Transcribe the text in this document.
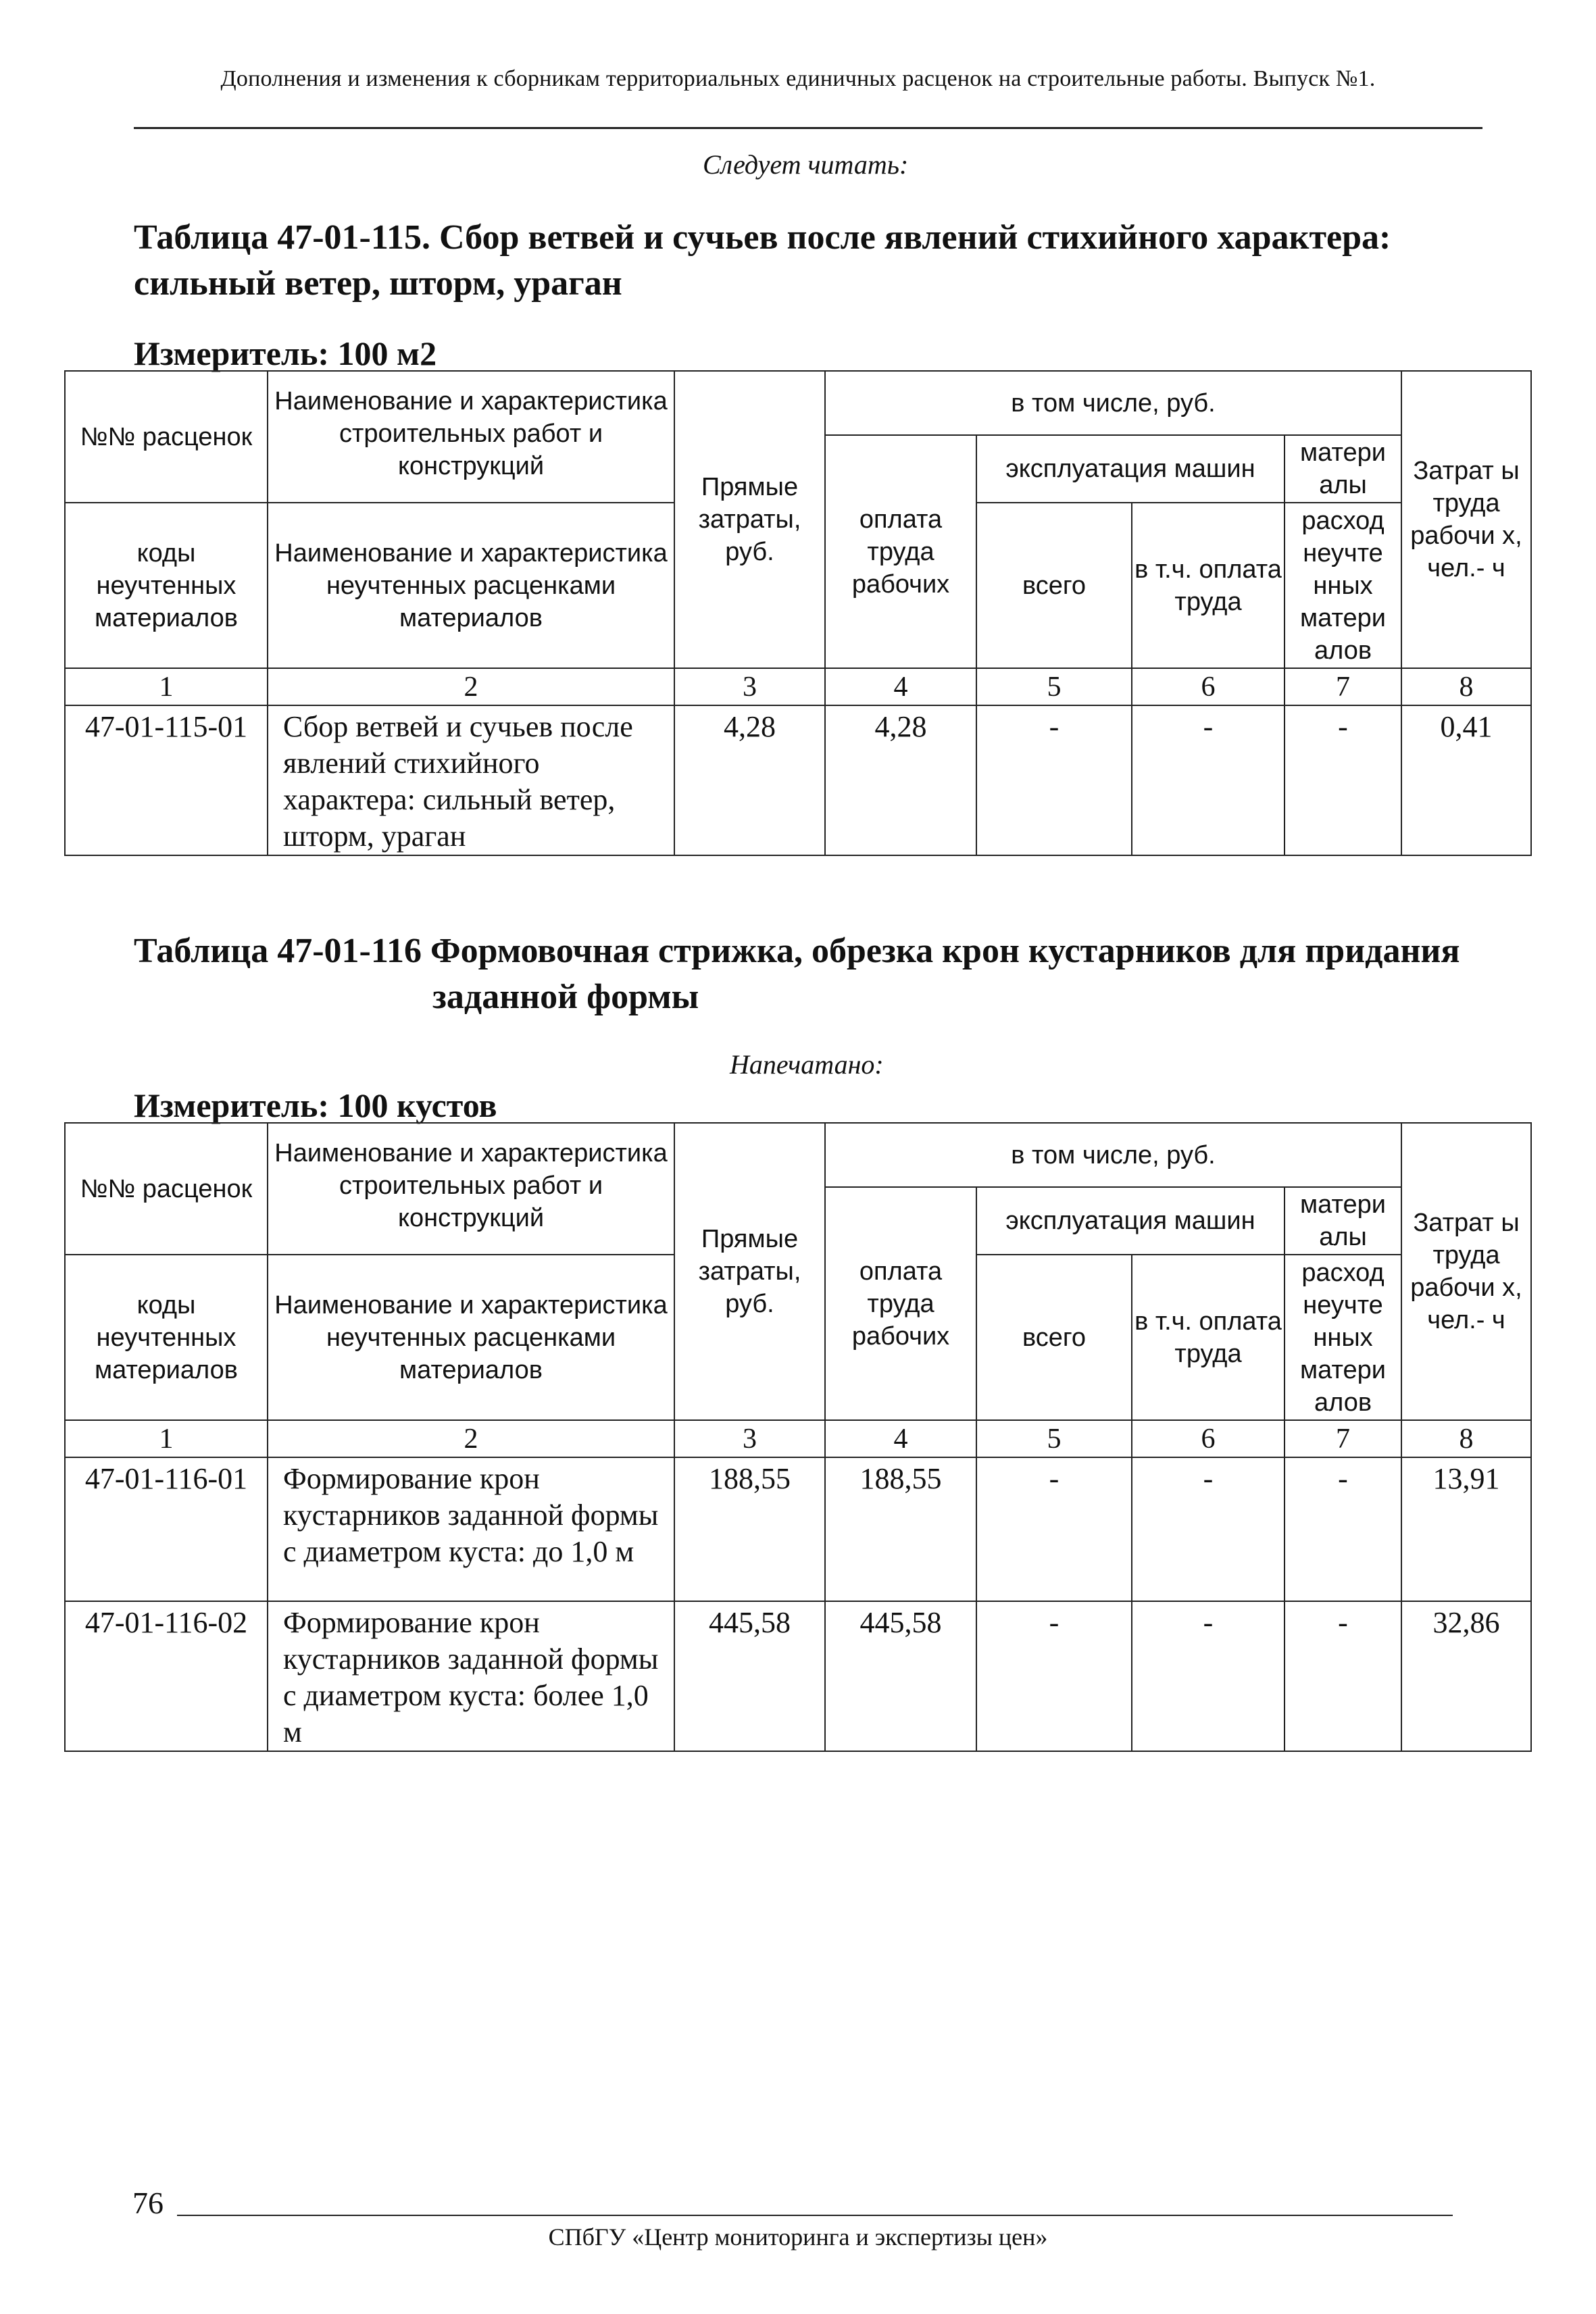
Дополнения и изменения к сборникам территориальных единичных расценок на строительные работы. Выпуск №1.
Следует читать:
Таблица 47-01-115. Сбор ветвей и сучьев после явлений стихийного характера:
сильный ветер, шторм, ураган
Измеритель: 100 м2
№№ расценок	Наименование и характеристика строительных работ и конструкций	Прямые затраты, руб.	в том числе, руб.				Затрат ы труда рабочи х, чел.- ч
			оплата труда рабочих	эксплуатация машин		матери алы	
коды неучтенных материалов	Наименование и характеристика неучтенных расценками материалов			всего	в т.ч. оплата труда	расход неучте нных матери алов	
1	2	3	4	5	6	7	8
47-01-115-01	Сбор ветвей и сучьев после явлений стихийного характера: сильный ветер, шторм, ураган	4,28	4,28	-	-	-	0,41
Таблица 47-01-116 Формовочная стрижка, обрезка крон кустарников для придания
заданной формы
Напечатано:
Измеритель: 100 кустов
№№ расценок	Наименование и характеристика строительных работ и конструкций	Прямые затраты, руб.	в том числе, руб.				Затрат ы труда рабочи х, чел.- ч
			оплата труда рабочих	эксплуатация машин		матери алы	
коды неучтенных материалов	Наименование и характеристика неучтенных расценками материалов			всего	в т.ч. оплата труда	расход неучте нных матери алов	
1	2	3	4	5	6	7	8
47-01-116-01	Формирование крон кустарников заданной формы с диаметром куста: до 1,0 м	188,55	188,55	-	-	-	13,91
47-01-116-02	Формирование крон кустарников заданной формы с диаметром куста: более 1,0 м	445,58	445,58	-	-	-	32,86
76
СПбГУ «Центр мониторинга и экспертизы цен»
